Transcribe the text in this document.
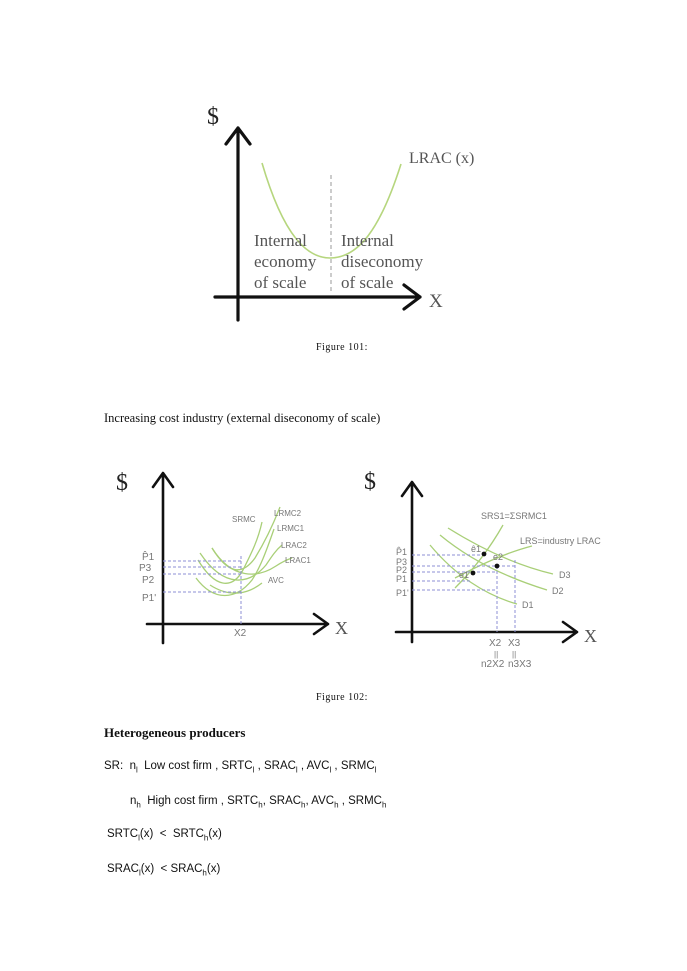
$
X
LRAC (x)
Internal
economy
of scale
Internal
diseconomy
of scale
$
X
SRMC
LRMC2
LRMC1
LRAC2
LRAC1
AVC
P̂1
P3
P2
P1'
X2
$
X
SRS1=ΣSRMC1
LRS=industry LRAC
D3
D2
D1
ê1
e2
e1
P̂1
P3
P2
P1
P1'
X2 X3
|| ||
n2X2 n3X3
Figure 101:
Increasing cost industry (external diseconomy of scale)
Figure 102:
Heterogeneous producers
SR: $n_l$ Low cost firm , $SRTC_l$ , $SRAC_l$ , $AVC_l$ , $SRMC_l$
$n_h$ High cost firm , $SRTC_h$, $SRAC_h$, $AVC_h$ , $SRMC_h$
$SRTC_l(x)$ < $SRTC_h(x)$
$SRAC_l(x)$ < $SRAC_h(x)$
